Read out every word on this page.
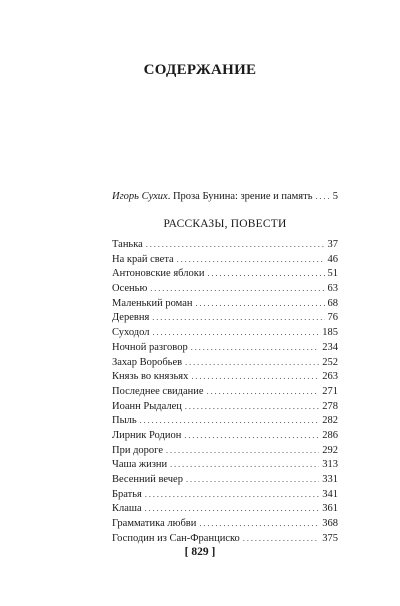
СОДЕРЖАНИЕ
Игорь Сухих. Проза Бунина: зрение и память . . . 5
РАССКАЗЫ, ПОВЕСТИ
Танька . . .	37
На край света . . .	46
Антоновские яблоки . . .	51
Осенью . . .	63
Маленький роман . . .	68
Деревня . . .	76
Суходол . . .	185
Ночной разговор . . .	234
Захар Воробьев . . .	252
Князь во князьях . . .	263
Последнее свидание . . .	271
Иоанн Рыдалец . . .	278
Пыль . . .	282
Лирник Родион . . .	286
При дороге . . .	292
Чаша жизни . . .	313
Весенний вечер . . .	331
Братья . . .	341
Клаша . . .	361
Грамматика любви . . .	368
Господин из Сан-Франциско . . .	375
[ 829 ]
